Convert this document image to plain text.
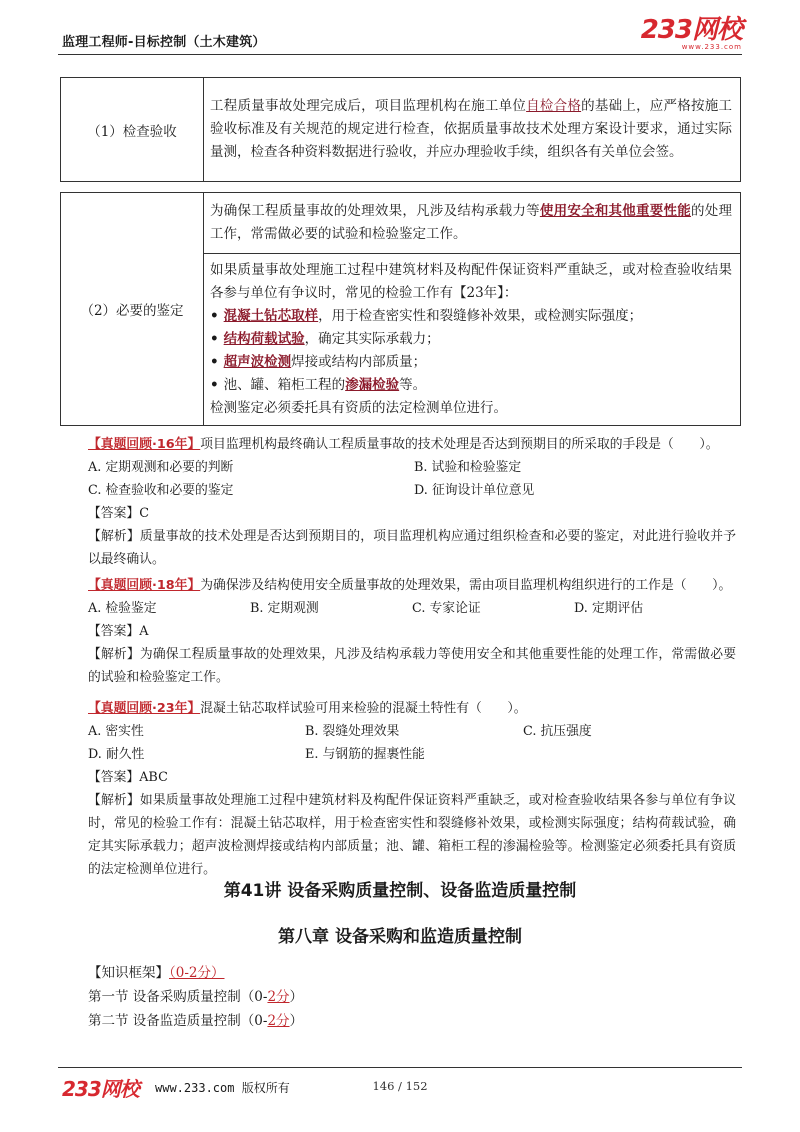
监理工程师-目标控制（土木建筑）	233网校
www.233.com
（1）检查验收	工程质量事故处理完成后，项目监理机构在施工单位自检合格的基础上，应严格按施工验收标准及有关规范的规定进行检查，依据质量事故技术处理方案设计要求，通过实际量测，检查各种资料数据进行验收，并应办理验收手续，组织各有关单位会签。
（2）必要的鉴定	为确保工程质量事故的处理效果，凡涉及结构承载力等使用安全和其他重要性能的处理工作，常需做必要的试验和检验鉴定工作。

如果质量事故处理施工过程中建筑材料及构配件保证资料严重缺乏，或对检查验收结果各参与单位有争议时，常见的检验工作有【23年】：
• 混凝土钻芯取样，用于检查密实性和裂缝修补效果，或检测实际强度；
• 结构荷载试验，确定其实际承载力；
• 超声波检测焊接或结构内部质量；
• 池、罐、箱柜工程的渗漏检验等。
检测鉴定必须委托具有资质的法定检测单位进行。

【真题回顾·16年】项目监理机构最终确认工程质量事故的技术处理是否达到预期目的所采取的手段是（　　）。

A. 定期观测和必要的判断	B. 试验和检验鉴定
C. 检查验收和必要的鉴定	D. 征询设计单位意见

【答案】C

【解析】质量事故的技术处理是否达到预期目的，项目监理机构应通过组织检查和必要的鉴定，对此进行验收并予以最终确认。

【真题回顾·18年】为确保涉及结构使用安全质量事故的处理效果，需由项目监理机构组织进行的工作是（　　）。

A. 检验鉴定	B. 定期观测	C. 专家论证	D. 定期评估

【答案】A

【解析】为确保工程质量事故的处理效果，凡涉及结构承载力等使用安全和其他重要性能的处理工作，常需做必要的试验和检验鉴定工作。

【真题回顾·23年】混凝土钻芯取样试验可用来检验的混凝土特性有（　　）。

A. 密实性	B. 裂缝处理效果	C. 抗压强度
D. 耐久性	E. 与钢筋的握裹性能

【答案】ABC

【解析】如果质量事故处理施工过程中建筑材料及构配件保证资料严重缺乏，或对检查验收结果各参与单位有争议时，常见的检验工作有：混凝土钻芯取样，用于检查密实性和裂缝修补效果，或检测实际强度；结构荷载试验，确定其实际承载力；超声波检测焊接或结构内部质量；池、罐、箱柜工程的渗漏检验等。检测鉴定必须委托具有资质的法定检测单位进行。

第41讲 设备采购质量控制、设备监造质量控制
第八章 设备采购和监造质量控制
【知识框架】（0-2分）
第一节 设备采购质量控制（0-2分）
第二节 设备监造质量控制（0-2分）
233网校 www.233.com 版权所有	146 / 152
